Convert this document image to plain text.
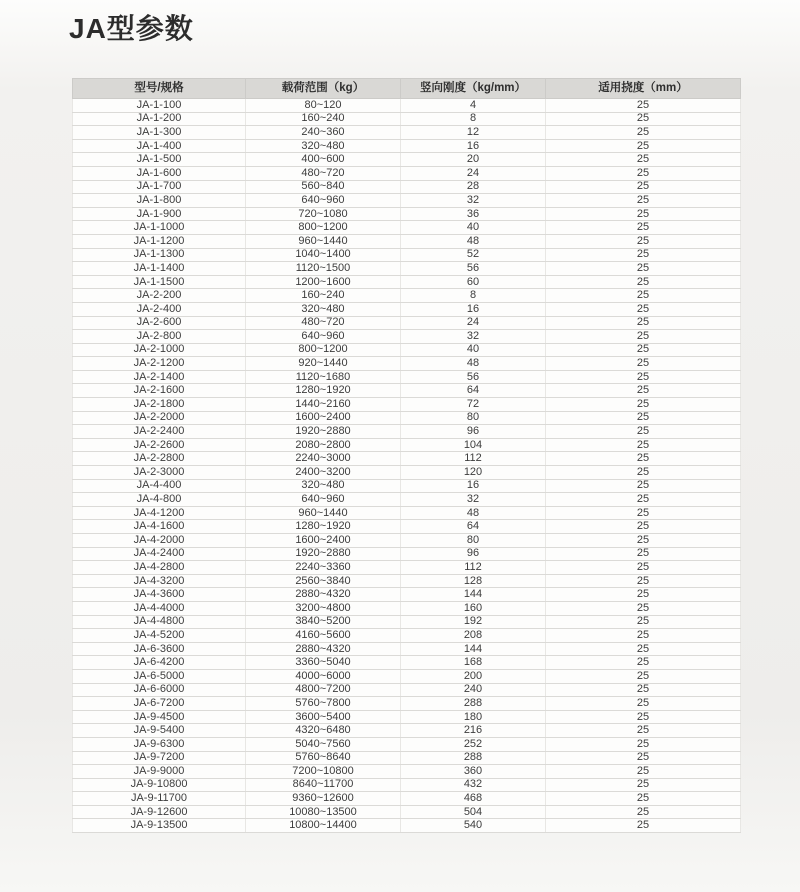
JA型参数
型号/规格	载荷范围（kg）	竖向刚度（kg/mm）	适用挠度（mm）
JA-1-100	80~120	4	25
JA-1-200	160~240	8	25
JA-1-300	240~360	12	25
JA-1-400	320~480	16	25
JA-1-500	400~600	20	25
JA-1-600	480~720	24	25
JA-1-700	560~840	28	25
JA-1-800	640~960	32	25
JA-1-900	720~1080	36	25
JA-1-1000	800~1200	40	25
JA-1-1200	960~1440	48	25
JA-1-1300	1040~1400	52	25
JA-1-1400	1120~1500	56	25
JA-1-1500	1200~1600	60	25
JA-2-200	160~240	8	25
JA-2-400	320~480	16	25
JA-2-600	480~720	24	25
JA-2-800	640~960	32	25
JA-2-1000	800~1200	40	25
JA-2-1200	920~1440	48	25
JA-2-1400	1120~1680	56	25
JA-2-1600	1280~1920	64	25
JA-2-1800	1440~2160	72	25
JA-2-2000	1600~2400	80	25
JA-2-2400	1920~2880	96	25
JA-2-2600	2080~2800	104	25
JA-2-2800	2240~3000	112	25
JA-2-3000	2400~3200	120	25
JA-4-400	320~480	16	25
JA-4-800	640~960	32	25
JA-4-1200	960~1440	48	25
JA-4-1600	1280~1920	64	25
JA-4-2000	1600~2400	80	25
JA-4-2400	1920~2880	96	25
JA-4-2800	2240~3360	112	25
JA-4-3200	2560~3840	128	25
JA-4-3600	2880~4320	144	25
JA-4-4000	3200~4800	160	25
JA-4-4800	3840~5200	192	25
JA-4-5200	4160~5600	208	25
JA-6-3600	2880~4320	144	25
JA-6-4200	3360~5040	168	25
JA-6-5000	4000~6000	200	25
JA-6-6000	4800~7200	240	25
JA-6-7200	5760~7800	288	25
JA-9-4500	3600~5400	180	25
JA-9-5400	4320~6480	216	25
JA-9-6300	5040~7560	252	25
JA-9-7200	5760~8640	288	25
JA-9-9000	7200~10800	360	25
JA-9-10800	8640~11700	432	25
JA-9-11700	9360~12600	468	25
JA-9-12600	10080~13500	504	25
JA-9-13500	10800~14400	540	25
